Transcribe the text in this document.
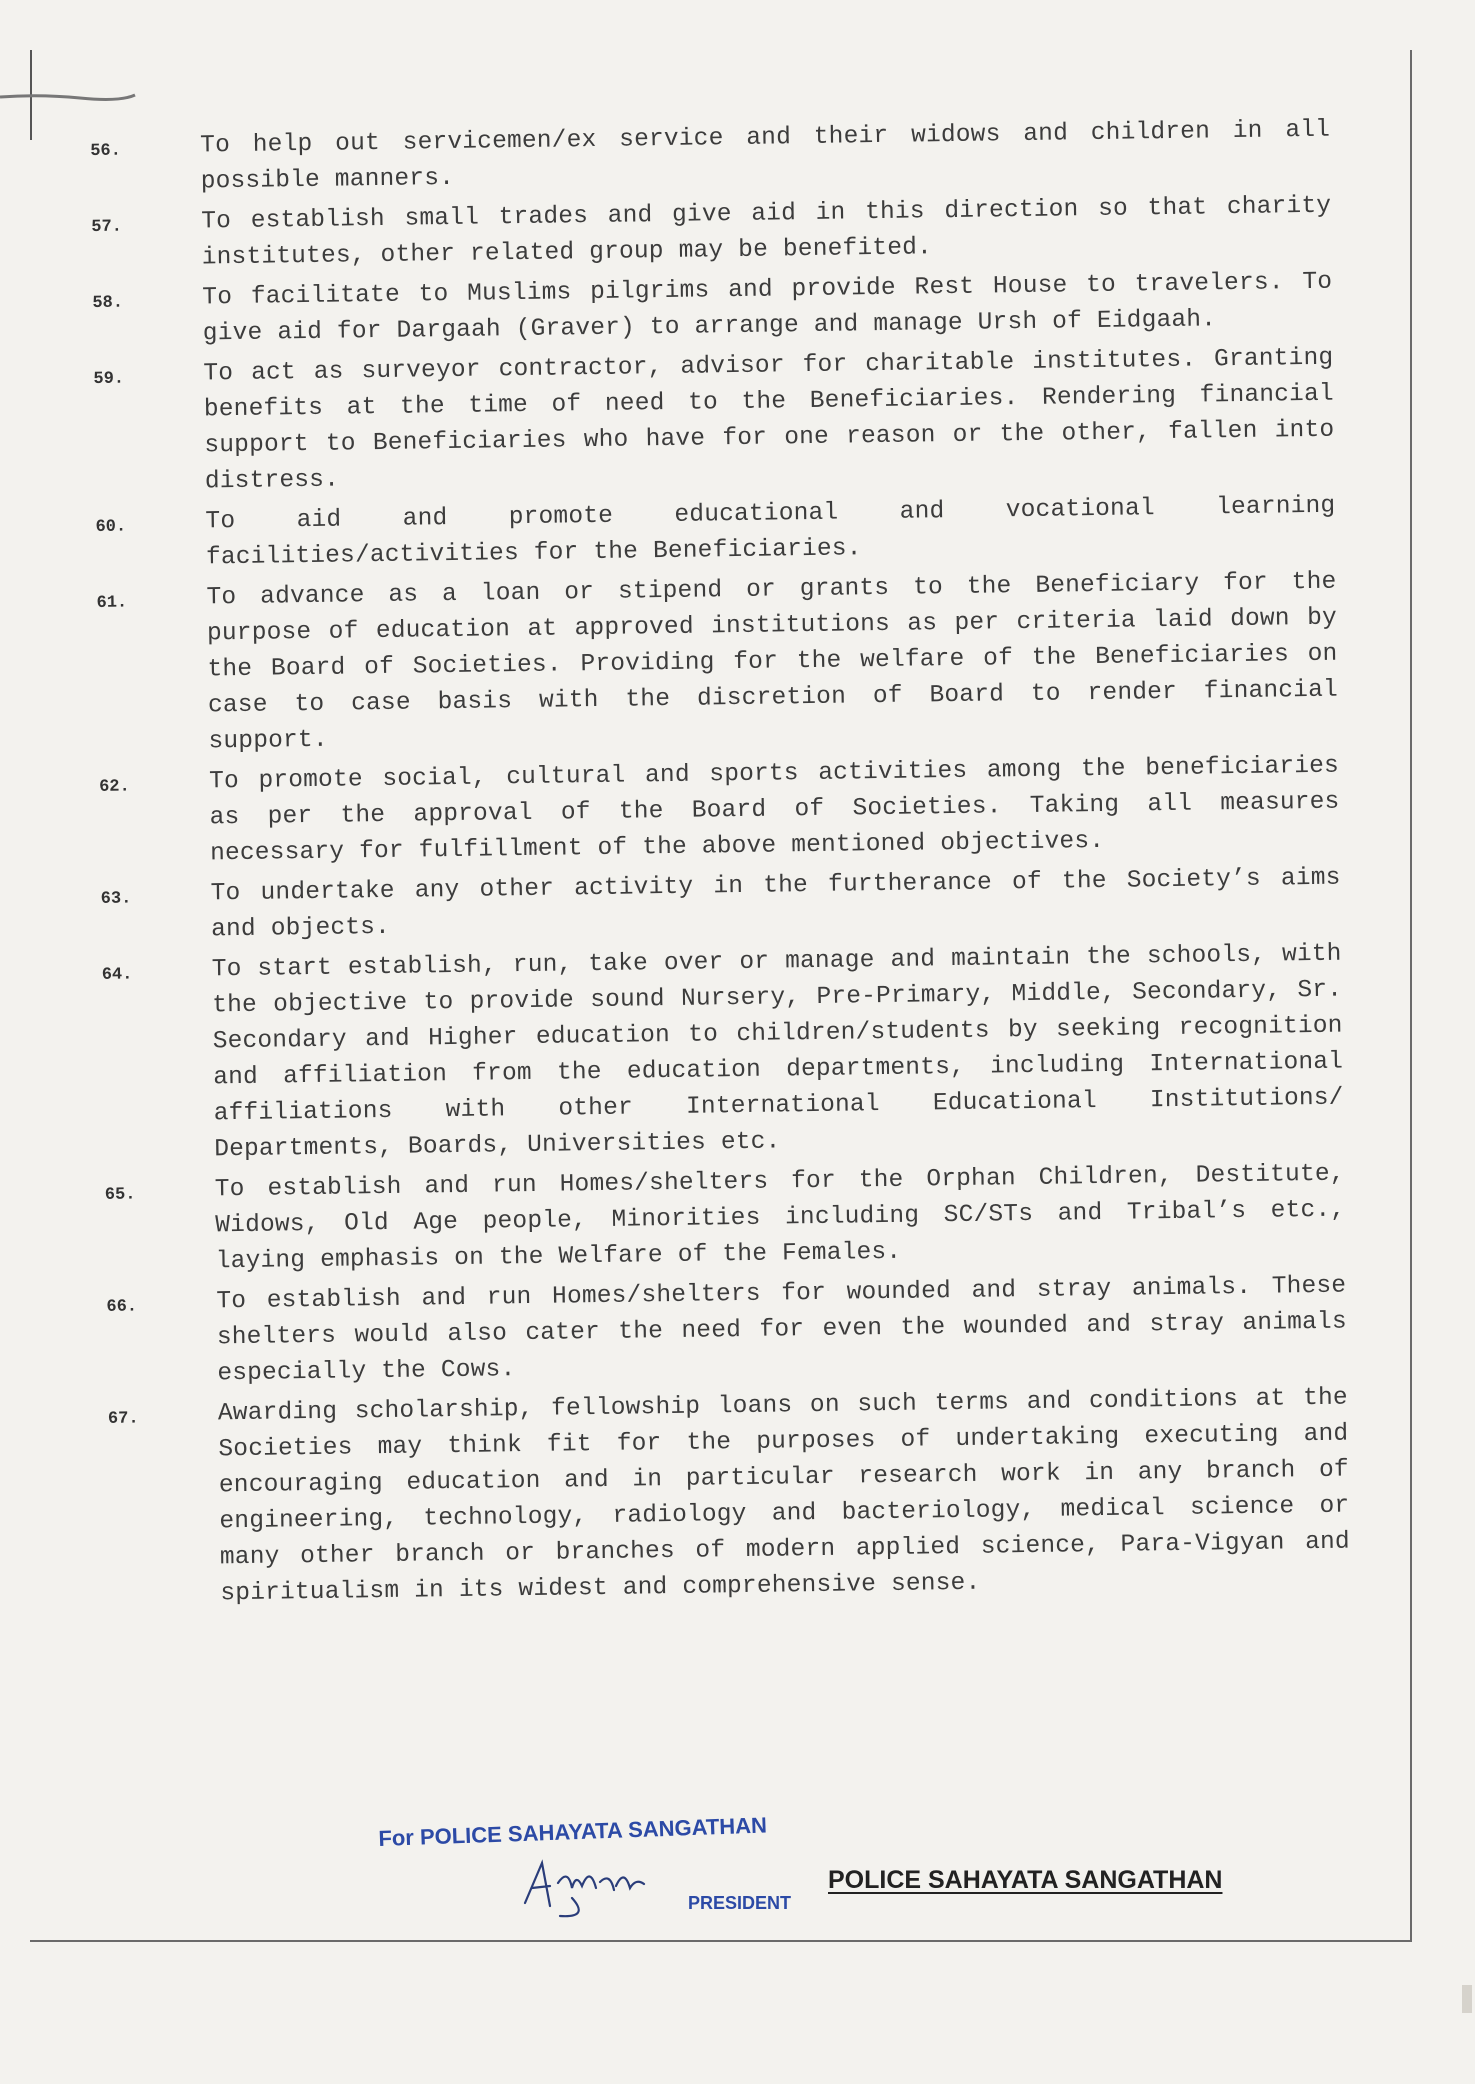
56.	To help out servicemen/ex service and their widows and children in all possible manners.
57.	To establish small trades and give aid in this direction so that charity institutes, other related group may be benefited.
58.	To facilitate to Muslims pilgrims and provide Rest House to travelers. To give aid for Dargaah (Graver) to arrange and manage Ursh of Eidgaah.
59.	To act as surveyor contractor, advisor for charitable institutes. Granting benefits at the time of need to the Beneficiaries. Rendering financial support to Beneficiaries who have for one reason or the other, fallen into distress.
60.	To aid and promote educational and vocational learning facilities/activities for the Beneficiaries.
61.	To advance as a loan or stipend or grants to the Beneficiary for the purpose of education at approved institutions as per criteria laid down by the Board of Societies. Providing for the welfare of the Beneficiaries on case to case basis with the discretion of Board to render financial support.
62.	To promote social, cultural and sports activities among the beneficiaries as per the approval of the Board of Societies. Taking all measures necessary for fulfillment of the above mentioned objectives.
63.	To undertake any other activity in the furtherance of the Society’s aims and objects.
64.	To start establish, run, take over or manage and maintain the schools, with the objective to provide sound Nursery, Pre-Primary, Middle, Secondary, Sr. Secondary and Higher education to children/students by seeking recognition and affiliation from the education departments, including International affiliations with other International Educational Institutions/ Departments, Boards, Universities etc.
65.	To establish and run Homes/shelters for the Orphan Children, Destitute, Widows, Old Age people, Minorities including SC/STs and Tribal’s etc., laying emphasis on the Welfare of the Females.
66.	To establish and run Homes/shelters for wounded and stray animals. These shelters would also cater the need for even the wounded and stray animals especially the Cows.
67.	Awarding scholarship, fellowship loans on such terms and conditions at the Societies may think fit for the purposes of undertaking executing and encouraging education and in particular research work in any branch of engineering, technology, radiology and bacteriology, medical science or many other branch or branches of modern applied science, Para-Vigyan and spiritualism in its widest and comprehensive sense.
For POLICE SAHAYATA SANGATHAN
PRESIDENT
POLICE SAHAYATA SANGATHAN
